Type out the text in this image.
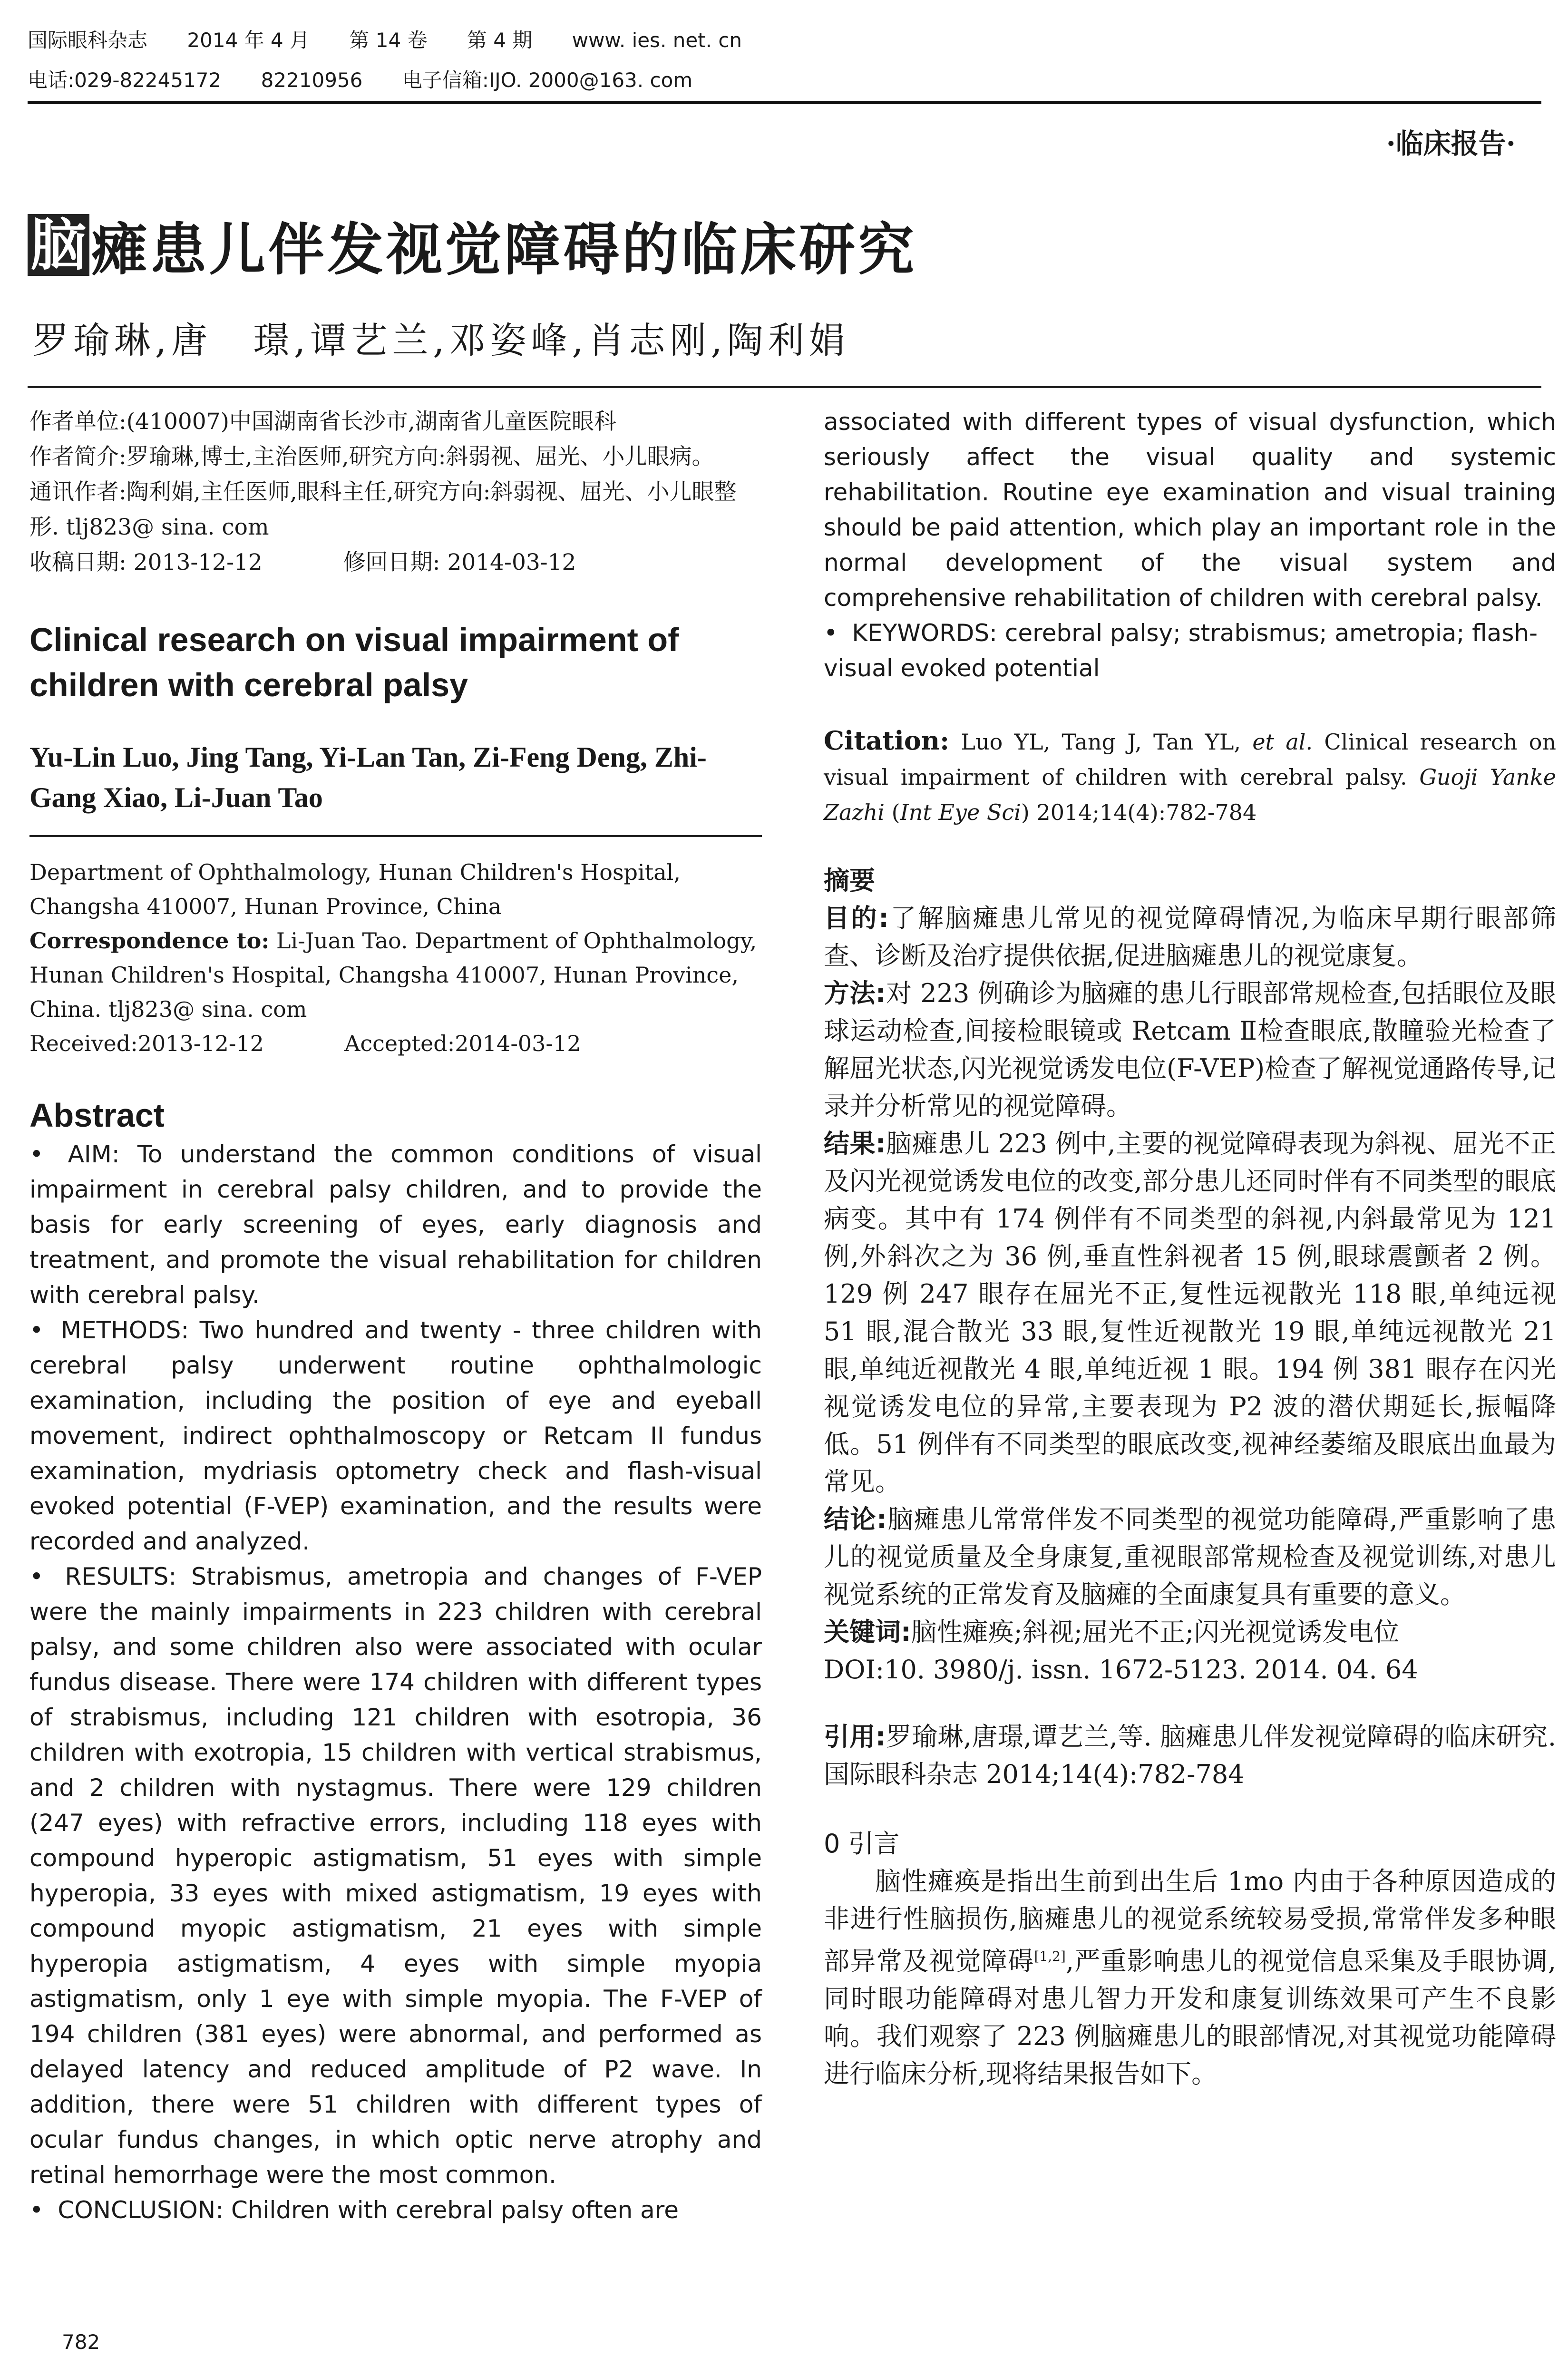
国际眼科杂志 2014 年 4 月 第 14 卷 第 4 期 www. ies. net. cn
电话:029-82245172 82210956 电子信箱:IJO. 2000@163. com
·临床报告·
脑 瘫患儿伴发视觉障碍的临床研究
罗瑜琳,唐　璟,谭艺兰,邓姿峰,肖志刚,陶利娟

作者单位:(410007)中国湖南省长沙市,湖南省儿童医院眼科

作者简介:罗瑜琳,博士,主治医师,研究方向:斜弱视、屈光、小儿眼病。

通讯作者:陶利娟,主任医师,眼科主任,研究方向:斜弱视、屈光、小儿眼整形. tlj823@ sina. com

收稿日期: 2013-12-12	修回日期: 2014-03-12

Clinical research on visual impairment of children with cerebral palsy
Yu-Lin Luo, Jing Tang, Yi-Lan Tan, Zi-Feng Deng, Zhi-Gang Xiao, Li-Juan Tao

Department of Ophthalmology, Hunan Children's Hospital, Changsha 410007, Hunan Province, China

Correspondence to: Li-Juan Tao. Department of Ophthalmology, Hunan Children's Hospital, Changsha 410007, Hunan Province, China. tlj823@ sina. com

Received:2013-12-12	Accepted:2014-03-12

Abstract

• AIM: To understand the common conditions of visual impairment in cerebral palsy children, and to provide the basis for early screening of eyes, early diagnosis and treatment, and promote the visual rehabilitation for children with cerebral palsy.

• METHODS: Two hundred and twenty - three children with cerebral palsy underwent routine ophthalmologic examination, including the position of eye and eyeball movement, indirect ophthalmoscopy or Retcam II fundus examination, mydriasis optometry check and flash-visual evoked potential (F-VEP) examination, and the results were recorded and analyzed.

• RESULTS: Strabismus, ametropia and changes of F-VEP were the mainly impairments in 223 children with cerebral palsy, and some children also were associated with ocular fundus disease. There were 174 children with different types of strabismus, including 121 children with esotropia, 36 children with exotropia, 15 children with vertical strabismus, and 2 children with nystagmus. There were 129 children (247 eyes) with refractive errors, including 118 eyes with compound hyperopic astigmatism, 51 eyes with simple hyperopia, 33 eyes with mixed astigmatism, 19 eyes with compound myopic astigmatism, 21 eyes with simple hyperopia astigmatism, 4 eyes with simple myopia astigmatism, only 1 eye with simple myopia. The F-VEP of 194 children (381 eyes) were abnormal, and performed as delayed latency and reduced amplitude of P2 wave. In addition, there were 51 children with different types of ocular fundus changes, in which optic nerve atrophy and retinal hemorrhage were the most common.

• CONCLUSION: Children with cerebral palsy often are

associated with different types of visual dysfunction, which seriously affect the visual quality and systemic rehabilitation. Routine eye examination and visual training should be paid attention, which play an important role in the normal development of the visual system and comprehensive rehabilitation of children with cerebral palsy.

• KEYWORDS: cerebral palsy; strabismus; ametropia; flash-visual evoked potential

Citation: Luo YL, Tang J, Tan YL, et al. Clinical research on visual impairment of children with cerebral palsy. Guoji Yanke Zazhi (Int Eye Sci) 2014;14(4):782-784

摘要

目的:了解脑瘫患儿常见的视觉障碍情况,为临床早期行眼部筛查、诊断及治疗提供依据,促进脑瘫患儿的视觉康复。

方法:对 223 例确诊为脑瘫的患儿行眼部常规检查,包括眼位及眼球运动检查,间接检眼镜或 Retcam Ⅱ检查眼底,散瞳验光检查了解屈光状态,闪光视觉诱发电位(F-VEP)检查了解视觉通路传导,记录并分析常见的视觉障碍。

结果:脑瘫患儿 223 例中,主要的视觉障碍表现为斜视、屈光不正及闪光视觉诱发电位的改变,部分患儿还同时伴有不同类型的眼底病变。其中有 174 例伴有不同类型的斜视,内斜最常见为 121 例,外斜次之为 36 例,垂直性斜视者 15 例,眼球震颤者 2 例。129 例 247 眼存在屈光不正,复性远视散光 118 眼,单纯远视 51 眼,混合散光 33 眼,复性近视散光 19 眼,单纯远视散光 21 眼,单纯近视散光 4 眼,单纯近视 1 眼。194 例 381 眼存在闪光视觉诱发电位的异常,主要表现为 P2 波的潜伏期延长,振幅降低。51 例伴有不同类型的眼底改变,视神经萎缩及眼底出血最为常见。

结论:脑瘫患儿常常伴发不同类型的视觉功能障碍,严重影响了患儿的视觉质量及全身康复,重视眼部常规检查及视觉训练,对患儿视觉系统的正常发育及脑瘫的全面康复具有重要的意义。

关键词:脑性瘫痪;斜视;屈光不正;闪光视觉诱发电位

DOI:10. 3980/j. issn. 1672-5123. 2014. 04. 64

引用:罗瑜琳,唐璟,谭艺兰,等. 脑瘫患儿伴发视觉障碍的临床研究. 国际眼科杂志 2014;14(4):782-784

0 引言

脑性瘫痪是指出生前到出生后 1mo 内由于各种原因造成的非进行性脑损伤,脑瘫患儿的视觉系统较易受损,常常伴发多种眼部异常及视觉障碍[1,2],严重影响患儿的视觉信息采集及手眼协调,同时眼功能障碍对患儿智力开发和康复训练效果可产生不良影响。我们观察了 223 例脑瘫患儿的眼部情况,对其视觉功能障碍进行临床分析,现将结果报告如下。

782
